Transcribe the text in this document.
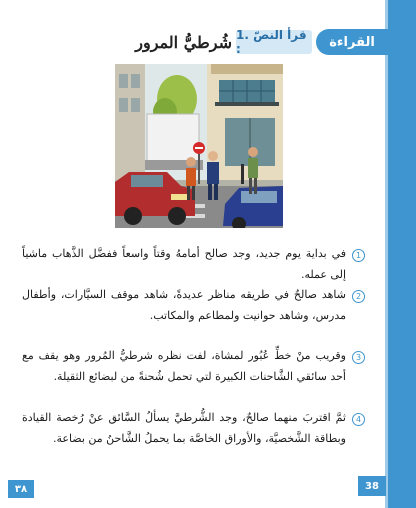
القراءة
1. قرأ النصّ :
شُرطيُّ المرور
1

في بداية يوم جديد، وجد صالح أمامهُ وقتاً واسعاً ففضَّل الذَّهاب ماشياً إلى عمله.

2

شاهد صالحٌ في طريقه مناظر عديدةً، شاهد موقف السيَّارات، وأطفال مدرس، وشاهد حوانيت ولمطاعم والمكاتب.

3

وقريب منْ خطِّ عُبُور لمشاة، لفت نظره شرطيُّ المُرور وهو يقف مع أحد سائقي الشَّاحنات الكبيرة لتي تحمل شُحنةً من لبضائع الثقيلة.

4

ثمَّ اقتربَ منهما صالحٌ، وجد الشُّرطيَّ يسألُ السَّائق عنْ رُخصة القيادة وبطاقة الشَّخصيَّة، والأوراق الخاصَّة بما يحملُ الشَّاحنُ من بضاعة.

٣٨	38
